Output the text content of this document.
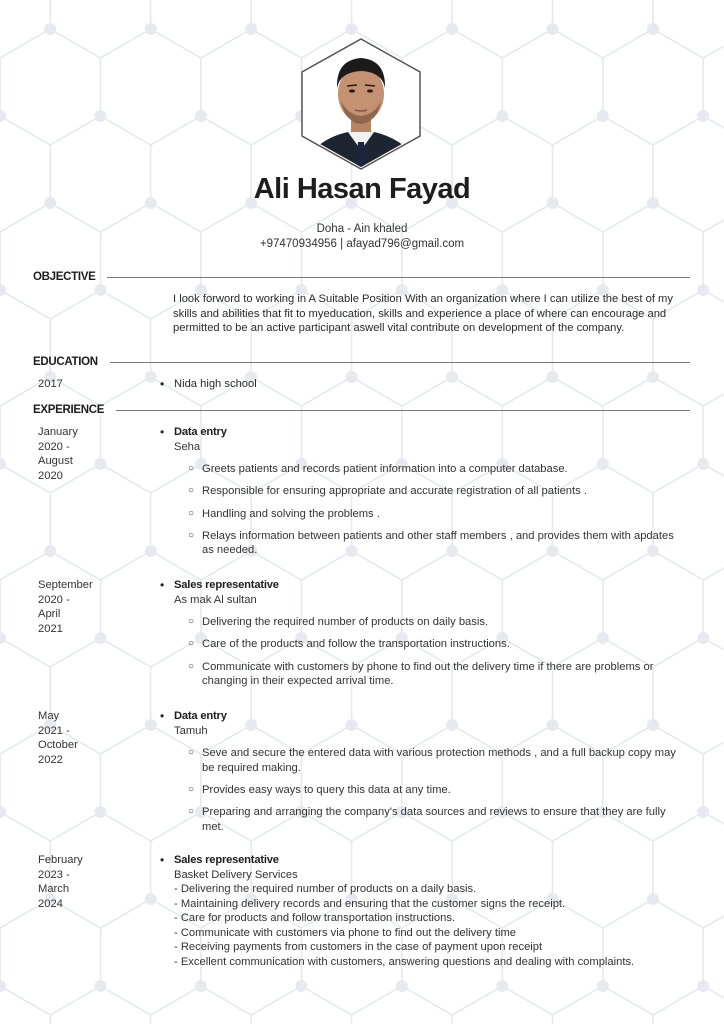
Ali Hasan Fayad
Doha - Ain khaled
+97470934956 | afayad796@gmail.com
OBJECTIVE
I look forword to working in A Suitable Position With an organization where I can utilize the best of my skills and abilities that fit to myeducation, skills and experience a place of where can encourage and permitted to be an active participant aswell vital contribute on development of the company.
EDUCATION
2017	• Nida high school
EXPERIENCE
January
2020 -
August
2020
• Data entry
Seha
○ Greets patients and records patient information into a computer database.
○ Responsible for ensuring appropriate and accurate registration of all patients .
○ Handling and solving the problems .
○ Relays information between patients and other staff members , and provides them with apdates as needed.
September
2020 -
April
2021
• Sales representative
As mak Al sultan
○ Delivering the required number of products on daily basis.
○ Care of the products and follow the transportation instructions.
○ Communicate with customers by phone to find out the delivery time if there are problems or changing in their expected arrival time.
May
2021 -
October
2022
• Data entry
Tamuh
○ Seve and secure the entered data with various protection methods , and a full backup copy may be required making.
○ Provides easy ways to query this data at any time.
○ Preparing and arranging the company's data sources and reviews to ensure that they are fully met.
February
2023 -
March
2024
• Sales representative
Basket Delivery Services
- Delivering the required number of products on a daily basis.
- Maintaining delivery records and ensuring that the customer signs the receipt.
- Care for products and follow transportation instructions.
- Communicate with customers via phone to find out the delivery time
- Receiving payments from customers in the case of payment upon receipt
- Excellent communication with customers, answering questions and dealing with complaints.
